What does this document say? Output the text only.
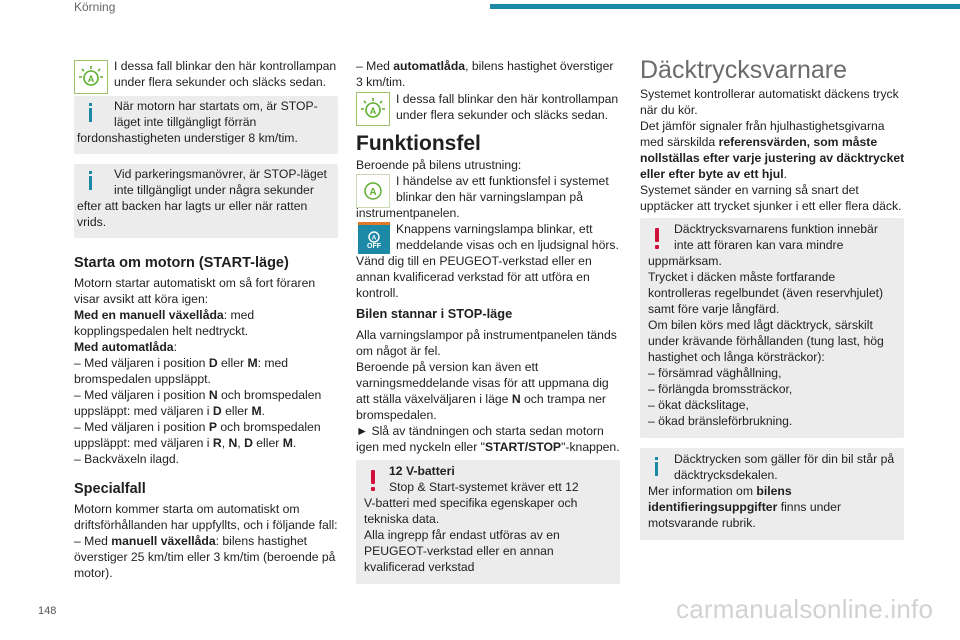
Körning
A

I dessa fall blinkar den här kontrollampan

under flera sekunder och släcks sedan.

När motorn har startats om, är STOP-

läget inte tillgängligt förrän

fordonshastigheten understiger 8 km/tim.

Vid parkeringsmanövrer, är STOP-läget

inte tillgängligt under några sekunder

efter att backen har lagts ur eller när ratten

vrids.

Starta om motorn (START-läge)

Motorn startar automatiskt om så fort föraren

visar avsikt att köra igen:

Med en manuell växellåda: med

kopplingspedalen helt nedtryckt.

Med automatlåda:

– Med väljaren i position D eller M: med

bromspedalen uppsläppt.

– Med väljaren i position N och bromspedalen

uppsläppt: med väljaren i D eller M.

– Med väljaren i position P och bromspedalen

uppsläppt: med väljaren i R, N, D eller M.

– Backväxeln ilagd.

Specialfall

Motorn kommer starta om automatiskt om

driftsförhållanden har uppfyllts, och i följande fall:

– Med manuell växellåda: bilens hastighet

överstiger 25 km/tim eller 3 km/tim (beroende på

motor).

– Med automatlåda, bilens hastighet överstiger

3 km/tim.

A

I dessa fall blinkar den här kontrollampan

under flera sekunder och släcks sedan.

Funktionsfel

Beroende på bilens utrustning:

A

I händelse av ett funktionsfel i systemet

blinkar den här varningslampan på

instrumentpanelen.

A
OFF

Knappens varningslampa blinkar, ett

meddelande visas och en ljudsignal hörs.

Vänd dig till en PEUGEOT-verkstad eller en

annan kvalificerad verkstad för att utföra en

kontroll.

Bilen stannar i STOP-läge

Alla varningslampor på instrumentpanelen tänds

om något är fel.

Beroende på version kan även ett

varningsmeddelande visas för att uppmana dig

att ställa växelväljaren i läge N och trampa ner

bromspedalen.

► Slå av tändningen och starta sedan motorn

igen med nyckeln eller "START/STOP"-knappen.

12 V-batteri

Stop & Start-systemet kräver ett 12

V-batteri med specifika egenskaper och

tekniska data.

Alla ingrepp får endast utföras av en

PEUGEOT-verkstad eller en annan

kvalificerad verkstad

Däcktrycksvarnare

Systemet kontrollerar automatiskt däckens tryck

när du kör.

Det jämför signaler från hjulhastighetsgivarna

med särskilda referensvärden, som måste

nollställas efter varje justering av däcktrycket

eller efter byte av ett hjul.

Systemet sänder en varning så snart det

upptäcker att trycket sjunker i ett eller flera däck.

Däcktrycksvarnarens funktion innebär

inte att föraren kan vara mindre

uppmärksam.

Trycket i däcken måste fortfarande

kontrolleras regelbundet (även reservhjulet)

samt före varje långfärd.

Om bilen körs med lågt däcktryck, särskilt

under krävande förhållanden (tung last, hög

hastighet och långa körsträckor):

– försämrad väghållning,

– förlängda bromssträckor,

– ökat däckslitage,

– ökad bränsleförbrukning.

Däcktrycken som gäller för din bil står på

däcktrycksdekalen.

Mer information om bilens

identifieringsuppgifter finns under

motsvarande rubrik.

148	carmanualsonline.info
